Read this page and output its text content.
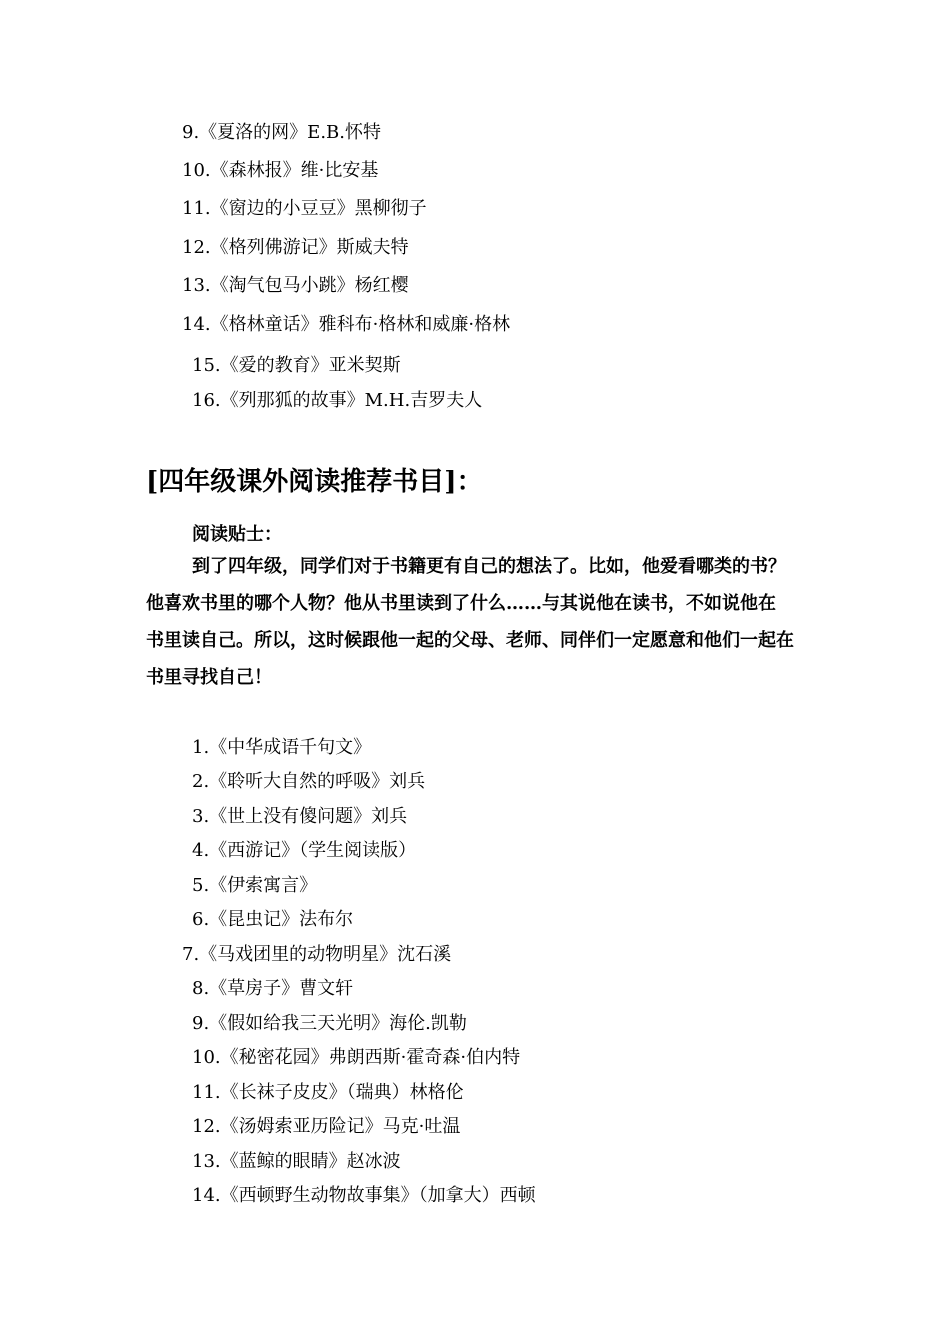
9.《夏洛的网》E.B.怀特
10.《森林报》维·比安基
11.《窗边的小豆豆》黑柳彻子
12.《格列佛游记》斯威夫特
13.《淘气包马小跳》杨红樱
14.《格林童话》雅科布·格林和威廉·格林
15.《爱的教育》亚米契斯
16.《列那狐的故事》M.H.吉罗夫人
[四年级课外阅读推荐书目]：
阅读贴士：
到了四年级，同学们对于书籍更有自己的想法了。比如，他爱看哪类的书？
他喜欢书里的哪个人物？他从书里读到了什么……与其说他在读书，不如说他在
书里读自己。所以，这时候跟他一起的父母、老师、同伴们一定愿意和他们一起在
书里寻找自己！
1.《中华成语千句文》
2.《聆听大自然的呼吸》刘兵
3.《世上没有傻问题》刘兵
4.《西游记》（学生阅读版）
5.《伊索寓言》
6.《昆虫记》法布尔
7.《马戏团里的动物明星》沈石溪
8.《草房子》曹文轩
9.《假如给我三天光明》海伦.凯勒
10.《秘密花园》弗朗西斯·霍奇森·伯内特
11.《长袜子皮皮》（瑞典）林格伦
12.《汤姆索亚历险记》马克·吐温
13.《蓝鲸的眼睛》赵冰波
14.《西顿野生动物故事集》（加拿大）西顿
